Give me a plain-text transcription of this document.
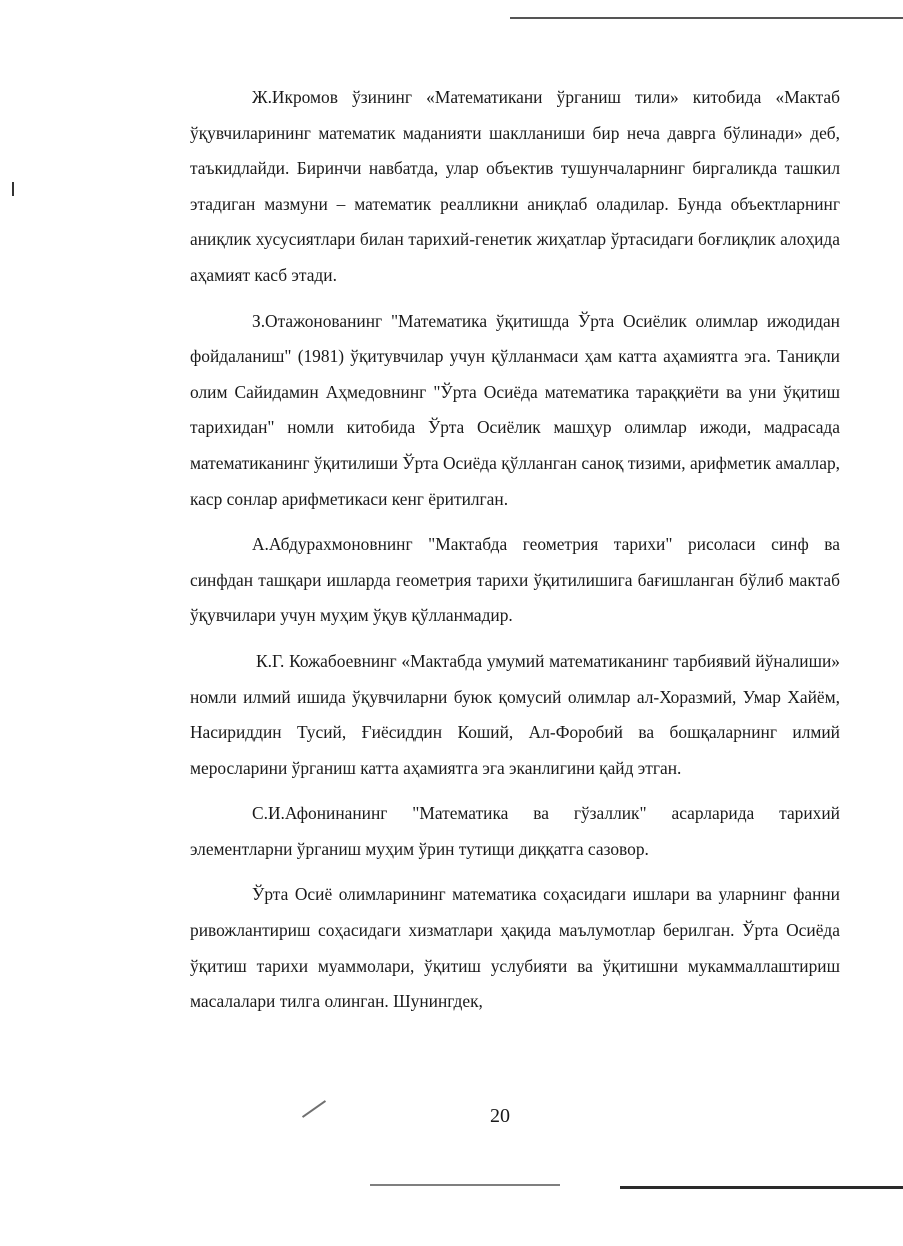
Ж.Икромов ўзининг «Математикани ўрганиш тили» китобида «Мактаб ўқувчиларининг математик маданияти шаклланиши бир неча даврга бўлинади» деб, таъкидлайди. Биринчи навбатда, улар объектив тушунчаларнинг биргаликда ташкил этадиган мазмуни – математик реалликни аниқлаб оладилар. Бунда объектларнинг аниқлик хусусиятлари билан тарихий-генетик жиҳатлар ўртасидаги боғлиқлик алоҳида аҳамият касб этади.

З.Отажонованинг "Математика ўқитишда Ўрта Осиёлик олимлар ижодидан фойдаланиш" (1981) ўқитувчилар учун қўлланмаси ҳам катта аҳамиятга эга. Таниқли олим Сайидамин Аҳмедовнинг "Ўрта Осиёда математика тараққиёти ва уни ўқитиш тарихидан" номли китобида Ўрта Осиёлик машҳур олимлар ижоди, мадрасада математиканинг ўқитилиши Ўрта Осиёда қўлланган саноқ тизими, арифметик амаллар, каср сонлар арифметикаси кенг ёритилган.

А.Абдурахмоновнинг "Мактабда геометрия тарихи" рисоласи синф ва синфдан ташқари ишларда геометрия тарихи ўқитилишига бағишланган бўлиб мактаб ўқувчилари учун муҳим ўқув қўлланмадир.

К.Г. Кожабоевнинг «Мактабда умумий математиканинг тарбиявий йўналиши» номли илмий ишида ўқувчиларни буюк қомусий олимлар ал-Хоразмий, Умар Хайём, Насириддин Тусий, Ғиёсиддин Коший, Ал-Форобий ва бошқаларнинг илмий меросларини ўрганиш катта аҳамиятга эга эканлигини қайд этган.

С.И.Афонинанинг "Математика ва гўзаллик" асарларида тарихий элементларни ўрганиш муҳим ўрин тутищи диққатга сазовор.

Ўрта Осиё олимларининг математика соҳасидаги ишлари ва уларнинг фанни ривожлантириш соҳасидаги хизматлари ҳақида маълумотлар берилган. Ўрта Осиёда ўқитиш тарихи муаммолари, ўқитиш услубияти ва ўқитишни мукаммаллаштириш масалалари тилга олинган. Шунингдек,

20
